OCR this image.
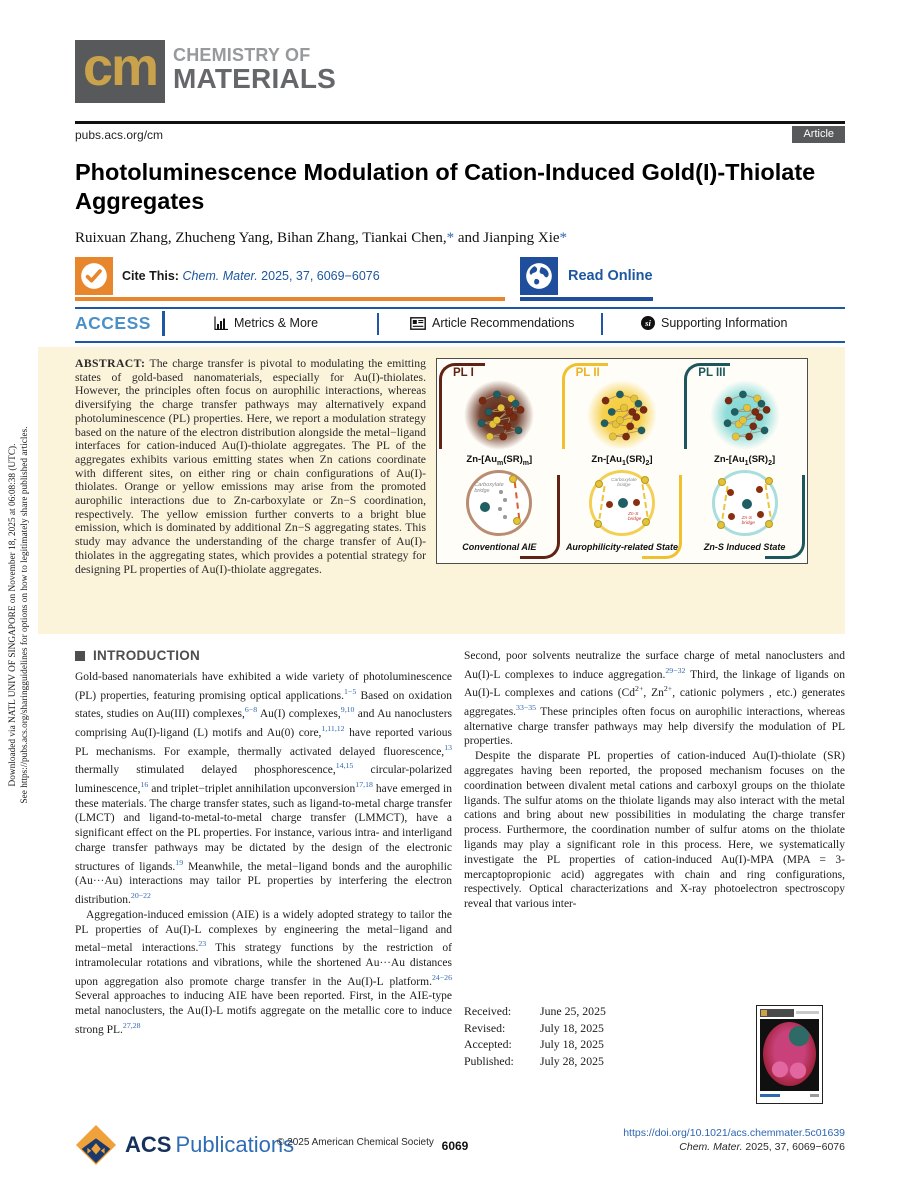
Downloaded via NATL UNIV OF SINGAPORE on November 18, 2025 at 06:08:38 (UTC). See https://pubs.acs.org/sharingguidelines for options on how to legitimately share published articles.
cm CHEMISTRY OF
MATERIALS
pubs.acs.org/cm	Article
Photoluminescence Modulation of Cation-Induced Gold(I)-Thiolate Aggregates
Ruixuan Zhang, Zhucheng Yang, Bihan Zhang, Tiankai Chen,* and Jianping Xie*
Cite This: Chem. Mater. 2025, 37, 6069−6076	Read Online
ACCESS	Metrics & More	Article Recommendations	si Supporting Information
PL I
$Zn-[Au_m(SR)_m]$
Carboxylate bridge
Conventional AIE
PL II
$Zn-[Au_1(SR)_2]$
Carboxylate bridge
Zn-S bridge
Aurophilicity-related State
PL III
$Zn-[Au_1(SR)_2]$
Zn-S bridge
Zn-S Induced State

ABSTRACT: The charge transfer is pivotal to modulating the emitting states of gold-based nanomaterials, especially for Au(I)-thiolates. However, the principles often focus on aurophilic interactions, whereas diversifying the charge transfer pathways may alternatively expand photoluminescence (PL) properties. Here, we report a modulation strategy based on the nature of the electron distribution alongside the metal−ligand interfaces for cation-induced Au(I)-thiolate aggregates. The PL of the aggregates exhibits various emitting states when Zn cations coordinate with different sites, on either ring or chain configurations of Au(I)-thiolates. Orange or yellow emissions may arise from the promoted aurophilic interactions due to Zn-carboxylate or Zn−S coordination, respectively. The yellow emission further converts to a bright blue emission, which is dominated by additional Zn−S aggregating states. This study may advance the understanding of the charge transfer of Au(I)-thiolates in the aggregating states, which provides a potential strategy for designing PL properties of Au(I)-thiolate aggregates.

INTRODUCTION

Gold-based nanomaterials have exhibited a wide variety of photoluminescence (PL) properties, featuring promising optical applications.$^{1-5}$ Based on oxidation states, studies on Au(III) complexes,$^{6-8}$ Au(I) complexes,$^{9,10}$ and Au nanoclusters comprising Au(I)-ligand (L) motifs and Au(0) core,$^{1,11,12}$ have reported various PL mechanisms. For example, thermally activated delayed fluorescence,$^{13}$ thermally stimulated delayed phosphorescence,$^{14,15}$ circular-polarized luminescence,$^{16}$ and triplet−triplet annihilation upconversion$^{17,18}$ have emerged in these materials. The charge transfer states, such as ligand-to-metal charge transfer (LMCT) and ligand-to-metal-to-metal charge transfer (LMMCT), have a significant effect on the PL properties. For instance, various intra- and interligand charge transfer pathways may be dictated by the design of the electronic structures of ligands.$^{19}$ Meanwhile, the metal−ligand bonds and the aurophilic (Au···Au) interactions may tailor PL properties by interfering the electron distribution.$^{20-22}$

Aggregation-induced emission (AIE) is a widely adopted strategy to tailor the PL properties of Au(I)-L complexes by engineering the metal−ligand and metal−metal interactions.$^{23}$ This strategy functions by the restriction of intramolecular rotations and vibrations, while the shortened Au···Au distances upon aggregation also promote charge transfer in the Au(I)-L platform.$^{24-26}$ Several approaches to inducing AIE have been reported. First, in the AIE-type metal nanoclusters, the Au(I)-L motifs aggregate on the metallic core to induce strong PL.$^{27,28}$

Second, poor solvents neutralize the surface charge of metal nanoclusters and Au(I)-L complexes to induce aggregation.$^{29-32}$ Third, the linkage of ligands on Au(I)-L complexes and cations ($Cd^{2+}$, $Zn^{2+}$, cationic polymers , etc.) generates aggregates.$^{33-35}$ These principles often focus on aurophilic interactions, whereas alternative charge transfer pathways may help diversify the modulation of PL properties.

Despite the disparate PL properties of cation-induced Au(I)-thiolate (SR) aggregates having been reported, the proposed mechanism focuses on the coordination between divalent metal cations and carboxyl groups on the thiolate ligands. The sulfur atoms on the thiolate ligands may also interact with the metal cations and bring about new possibilities in modulating the charge transfer process. Furthermore, the coordination number of sulfur atoms on the thiolate ligands may play a significant role in this process. Here, we systematically investigate the PL properties of cation-induced Au(I)-MPA (MPA = 3-mercaptopropionic acid) aggregates with chain and ring configurations, respectively. Optical characterizations and X-ray photoelectron spectroscopy reveal that various inter-

Received:	June 25, 2025
Revised:	July 18, 2025
Accepted:	July 18, 2025
Published:	July 28, 2025
ACS Publications
© 2025 American Chemical Society 6069
https://doi.org/10.1021/acs.chemmater.5c01639
Chem. Mater. 2025, 37, 6069−6076
